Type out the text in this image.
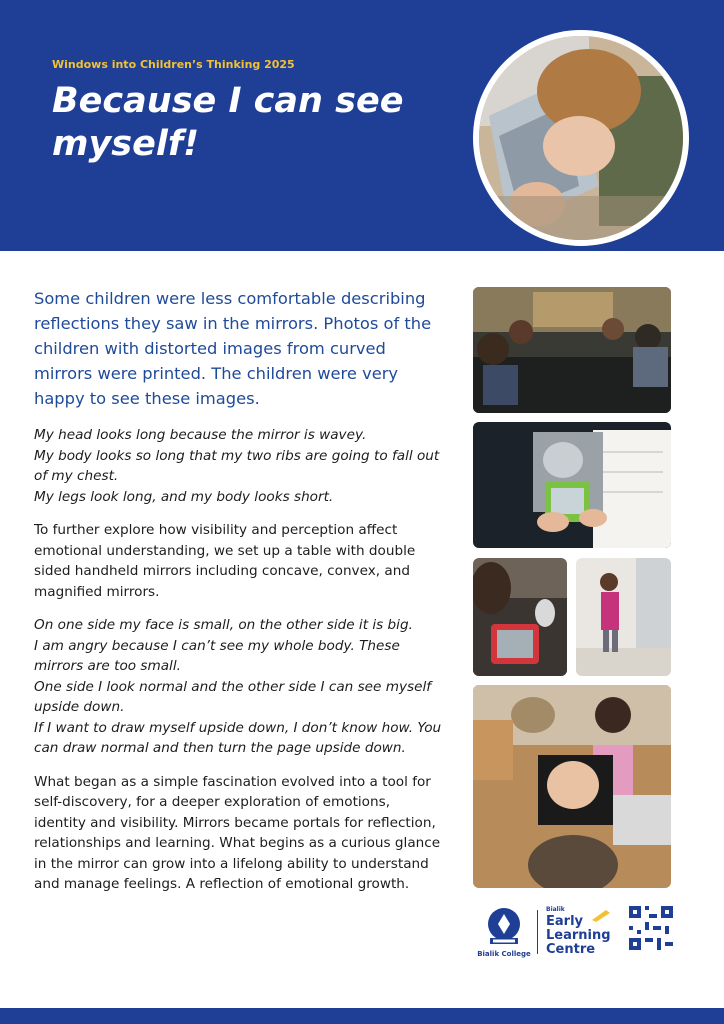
Windows into Children’s Thinking 2025
Because I can see myself!

Some children were less comfortable describing reflections they saw in the mirrors. Photos of the children with distorted images from curved mirrors were printed. The children were very happy to see these images.

My head looks long because the mirror is wavey.
My body looks so long that my two ribs are going to fall out of my chest.
My legs look long, and my body looks short.

To further explore how visibility and perception affect emotional understanding, we set up a table with double sided handheld mirrors including concave, convex, and magnified mirrors.

On one side my face is small, on the other side it is big.
I am angry because I can’t see my whole body. These mirrors are too small.
One side I look normal and the other side I can see myself upside down.
If I want to draw myself upside down, I don’t know how. You can draw normal and then turn the page upside down.

What began as a simple fascination evolved into a tool for self-discovery, for a deeper exploration of emotions, identity and visibility. Mirrors became portals for reflection, relationships and learning. What begins as a curious glance in the mirror can grow into a lifelong ability to understand and manage feelings. A reflection of emotional growth.

Bialik College
Bialik
Early
Learning
Centre
